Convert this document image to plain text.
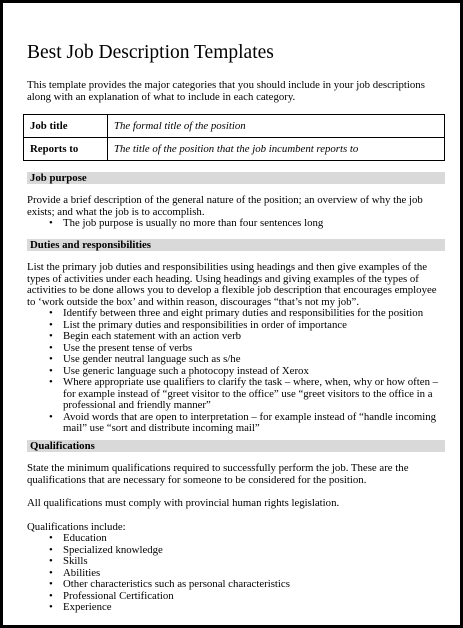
Best Job Description Templates

This template provides the major categories that you should include in your job descriptions along with an explanation of what to include in each category.

Job title	The formal title of the position
Reports to	The title of the position that the job incumbent reports to
Job purpose

Provide a brief description of the general nature of the position; an overview of why the job exists; and what the job is to accomplish.

• The job purpose is usually no more than four sentences long
Duties and responsibilities

List the primary job duties and responsibilities using headings and then give examples of the types of activities under each heading. Using headings and giving examples of the types of activities to be done allows you to develop a flexible job description that encourages employee to ‘work outside the box’ and within reason, discourages “that’s not my job”.

• Identify between three and eight primary duties and responsibilities for the position
• List the primary duties and responsibilities in order of importance
• Begin each statement with an action verb
• Use the present tense of verbs
• Use gender neutral language such as s/he
• Use generic language such a photocopy instead of Xerox
• Where appropriate use qualifiers to clarify the task – where, when, why or how often – for example instead of “greet visitor to the office” use “greet visitors to the office in a professional and friendly manner”
• Avoid words that are open to interpretation – for example instead of “handle incoming mail” use “sort and distribute incoming mail”
Qualifications

State the minimum qualifications required to successfully perform the job. These are the qualifications that are necessary for someone to be considered for the position.

All qualifications must comply with provincial human rights legislation.

Qualifications include:

• Education
• Specialized knowledge
• Skills
• Abilities
• Other characteristics such as personal characteristics
• Professional Certification
• Experience
